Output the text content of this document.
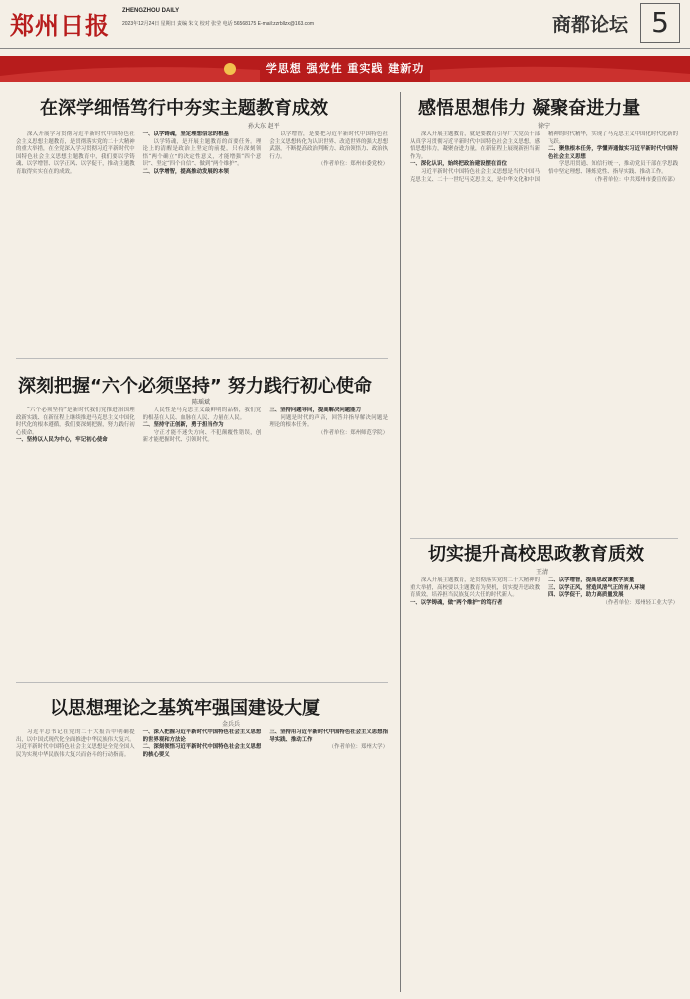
郑州日报 ZHENGZHOU DAILY
2023年12月24日 星期日 责编 朱文 校对 张莹 电话 56568175 E-mail:zzrbllzx@163.com	商都论坛 5
学思想 强党性 重实践 建新功
在深学细悟笃行中夯实主题教育成效
孙大东 赵平

深入开展学习贯彻习近平新时代中国特色社会主义思想主题教育，是贯彻落实党的二十大精神的重大举措，在全党深入学习贯彻习近平新时代中国特色社会主义思想主题教育中，我们要以学铸魂、以学增智、以学正风、以学促干，推动主题教育取得实实在在的成效。

一、以学铸魂，坚定理想信念的根基

以学铸魂，是开展主题教育的首要任务。理论上的清醒是政治上坚定的前提，只有深刻领悟“两个确立”的决定性意义，才能增强“四个意识”、坚定“四个自信”、做到“两个维护”。

二、以学增智，提高推动发展的本领

以学增智，是要把习近平新时代中国特色社会主义思想转化为认识世界、改造世界的强大思想武器，不断提高政治判断力、政治领悟力、政治执行力。

（作者单位：郑州市委党校）

深刻把握“六个必须坚持” 努力践行初心使命
陈瑶斌

“六个必须坚持”是新时代我们党推进治国理政新实践、在新征程上继续推进马克思主义中国化时代化的根本遵循，我们要深刻把握，努力践行初心使命。

一、坚持以人民为中心，牢记初心使命

人民性是马克思主义最鲜明的品格，我们党的根基在人民、血脉在人民、力量在人民。

二、坚持守正创新，勇于担当作为

守正才能不迷失方向、不犯颠覆性错误，创新才能把握时代、引领时代。

三、坚持问题导向，提高解决问题能力

问题是时代的声音，回答并指导解决问题是理论的根本任务。

（作者单位：郑州师范学院）

以思想理论之基筑牢强国建设大厦
金兵兵

习近平总书记在党的二十大报告中明确提出，以中国式现代化全面推进中华民族伟大复兴。习近平新时代中国特色社会主义思想是全党全国人民为实现中华民族伟大复兴而奋斗的行动指南。

一、深入把握习近平新时代中国特色社会主义思想的世界观和方法论

二、深刻领悟习近平新时代中国特色社会主义思想的核心要义

三、坚持用习近平新时代中国特色社会主义思想指导实践、推动工作

（作者单位：郑州大学）

感悟思想伟力 凝聚奋进力量
徐宁

深入开展主题教育，就是要教育引导广大党员干部从真学习贯彻习近平新时代中国特色社会主义思想，感悟思想伟力，凝聚奋进力量，在新征程上展现新担当新作为。

一、深化认识，始终把政治建设摆在首位

习近平新时代中国特色社会主义思想是当代中国马克思主义、二十一世纪马克思主义，是中华文化和中国精神的时代精华，实现了马克思主义中国化时代化新的飞跃。

二、聚焦根本任务，学懂弄通做实习近平新时代中国特色社会主义思想

学思用贯通、知信行统一，推动党员干部在学思践悟中坚定理想、锤炼党性、指导实践、推动工作。

（作者单位：中共郑州市委宣传部）

切实提升高校思政教育质效
王清

深入开展主题教育，是贯彻落实党的二十大精神的重大举措，高校要以主题教育为契机，切实提升思政教育质效，培养担当民族复兴大任的时代新人。

一、以学铸魂，做“两个维护”的笃行者

二、以学增智，提高思政课教学质量

三、以学正风，营造风清气正的育人环境

四、以学促干，助力高质量发展

（作者单位：郑州轻工业大学）
